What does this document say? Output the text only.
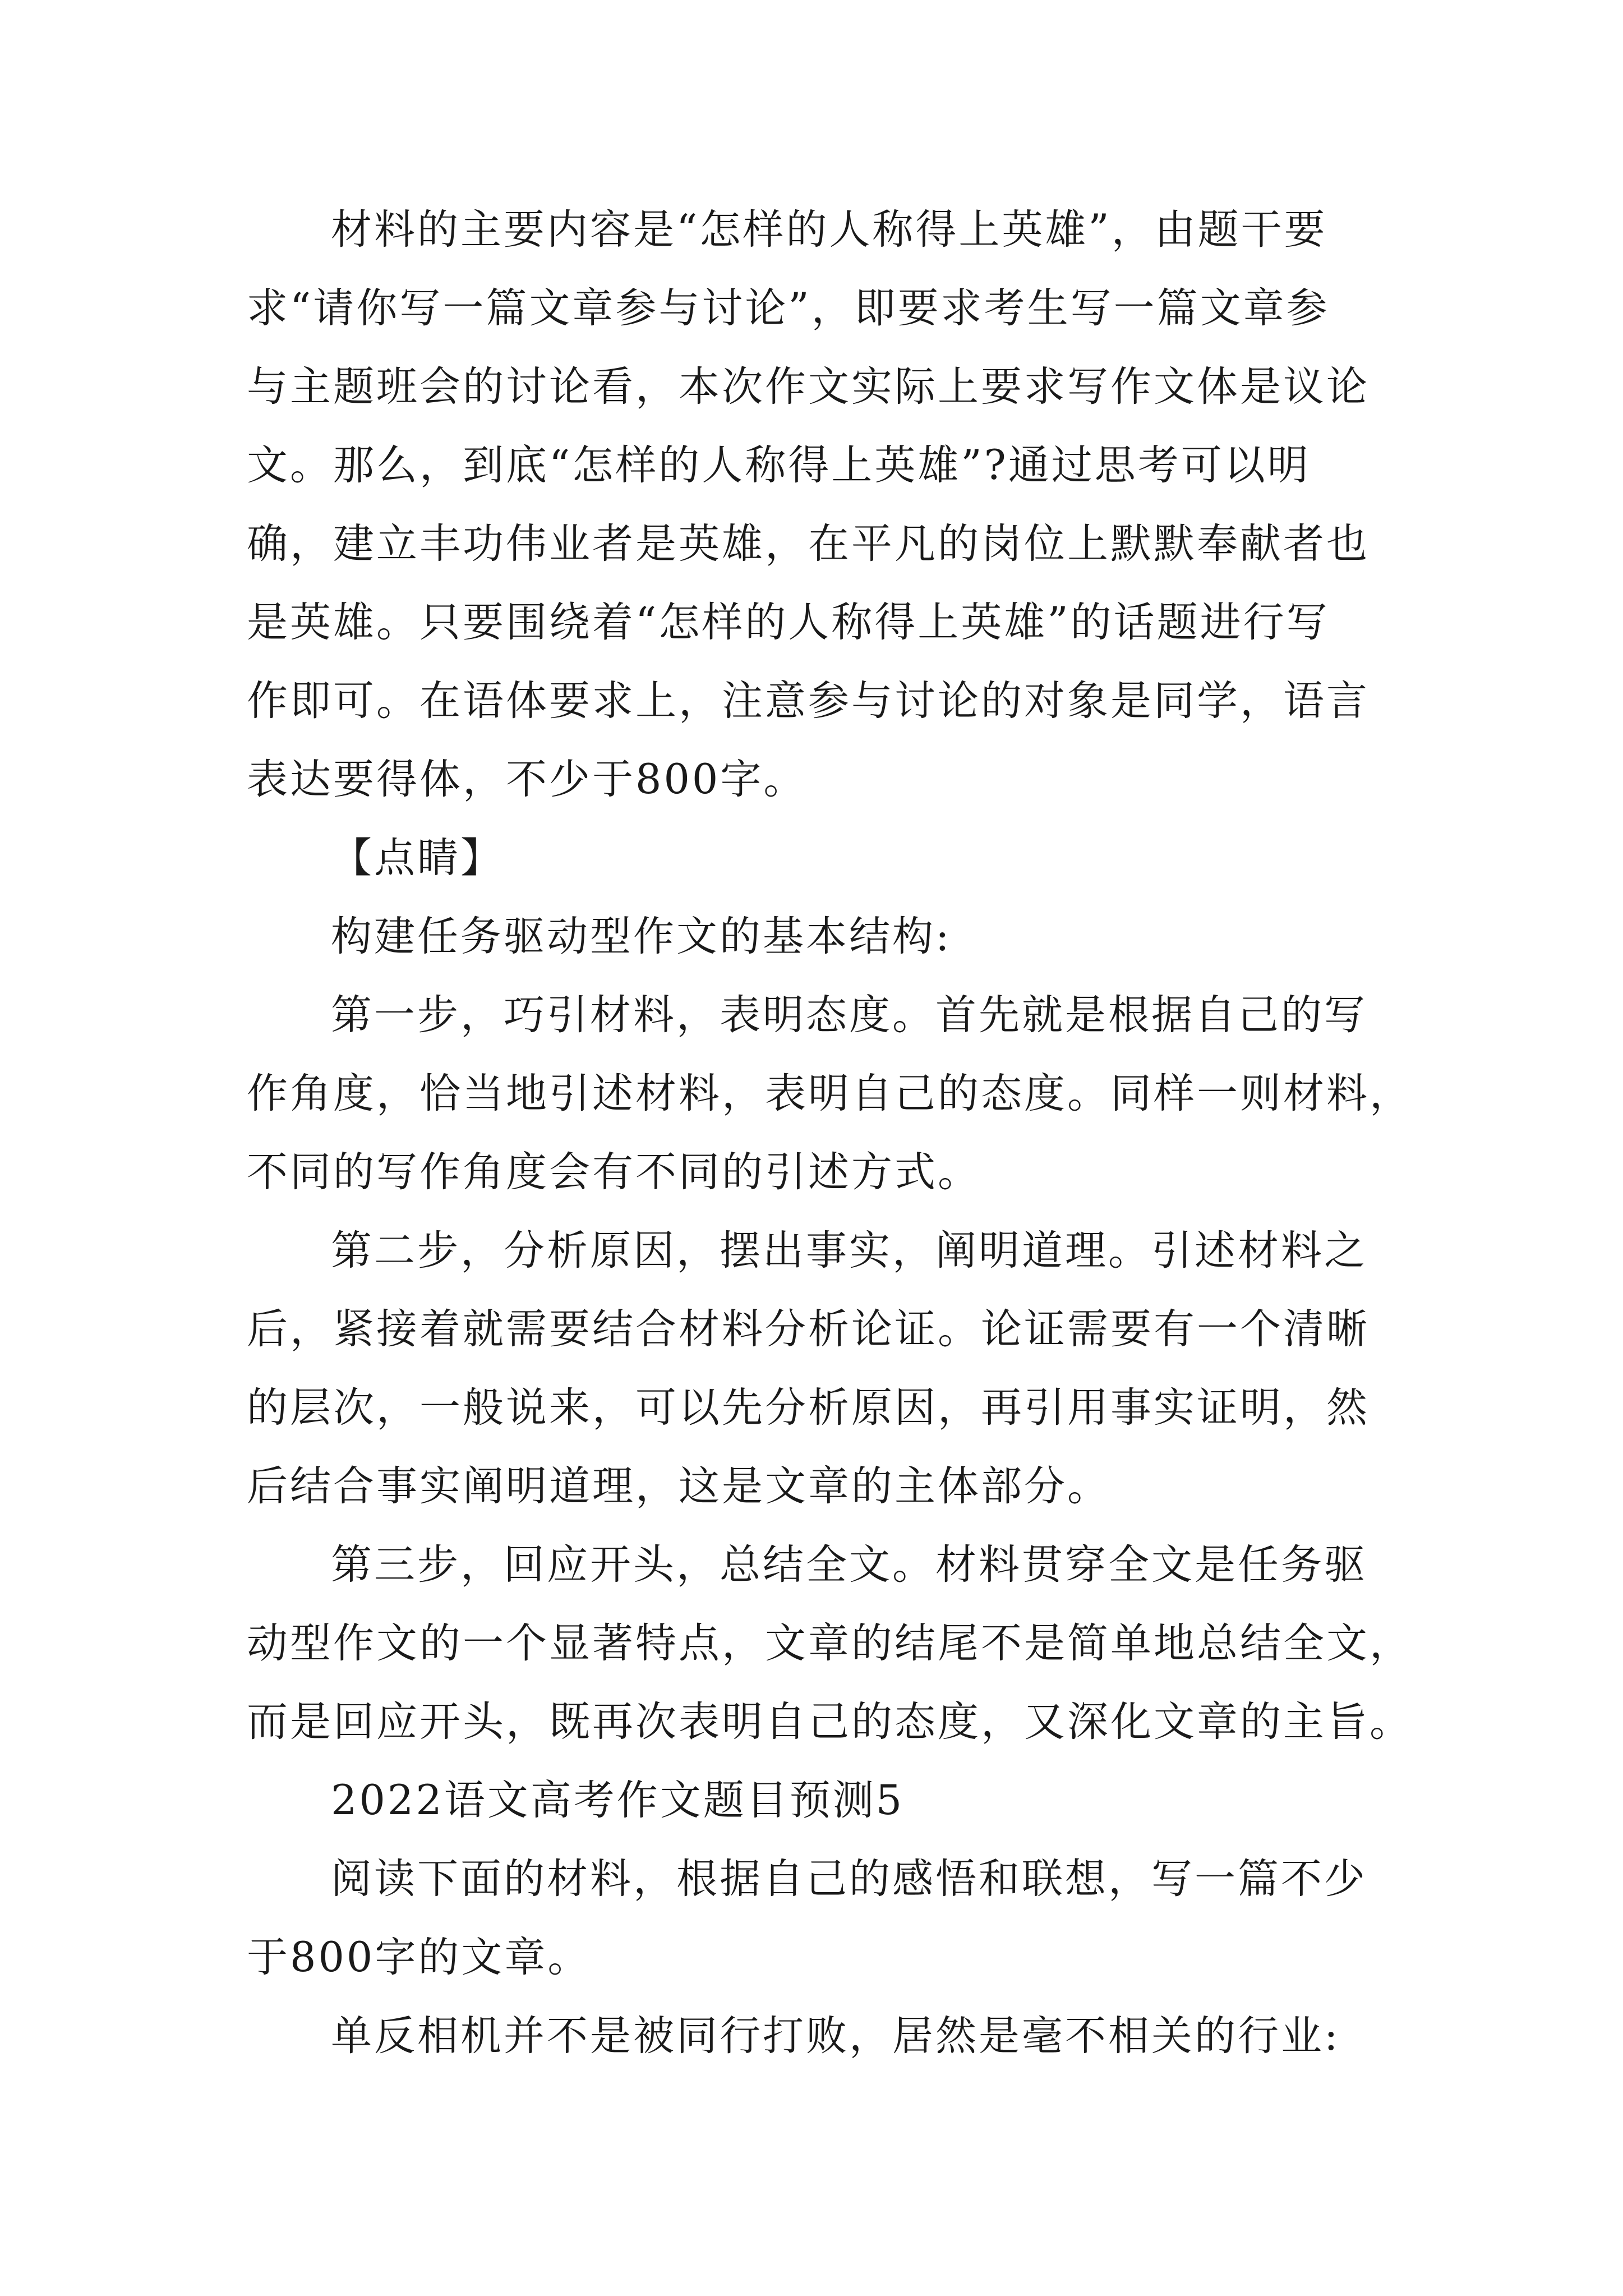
材料的主要内容是“怎样的人称得上英雄”，由题干要
求“请你写一篇文章参与讨论”，即要求考生写一篇文章参
与主题班会的讨论看，本次作文实际上要求写作文体是议论
文。那么，到底“怎样的人称得上英雄”?通过思考可以明
确，建立丰功伟业者是英雄，在平凡的岗位上默默奉献者也
是英雄。只要围绕着“怎样的人称得上英雄”的话题进行写
作即可。在语体要求上，注意参与讨论的对象是同学，语言
表达要得体，不少于800字。
【点睛】
构建任务驱动型作文的基本结构:
第一步，巧引材料，表明态度。首先就是根据自己的写
作角度，恰当地引述材料，表明自己的态度。同样一则材料，
不同的写作角度会有不同的引述方式。
第二步，分析原因，摆出事实，阐明道理。引述材料之
后，紧接着就需要结合材料分析论证。论证需要有一个清晰
的层次，一般说来，可以先分析原因，再引用事实证明，然
后结合事实阐明道理，这是文章的主体部分。
第三步，回应开头，总结全文。材料贯穿全文是任务驱
动型作文的一个显著特点，文章的结尾不是简单地总结全文，
而是回应开头，既再次表明自己的态度，又深化文章的主旨。
2022语文高考作文题目预测5
阅读下面的材料，根据自己的感悟和联想，写一篇不少
于800字的文章。
单反相机并不是被同行打败，居然是毫不相关的行业:
